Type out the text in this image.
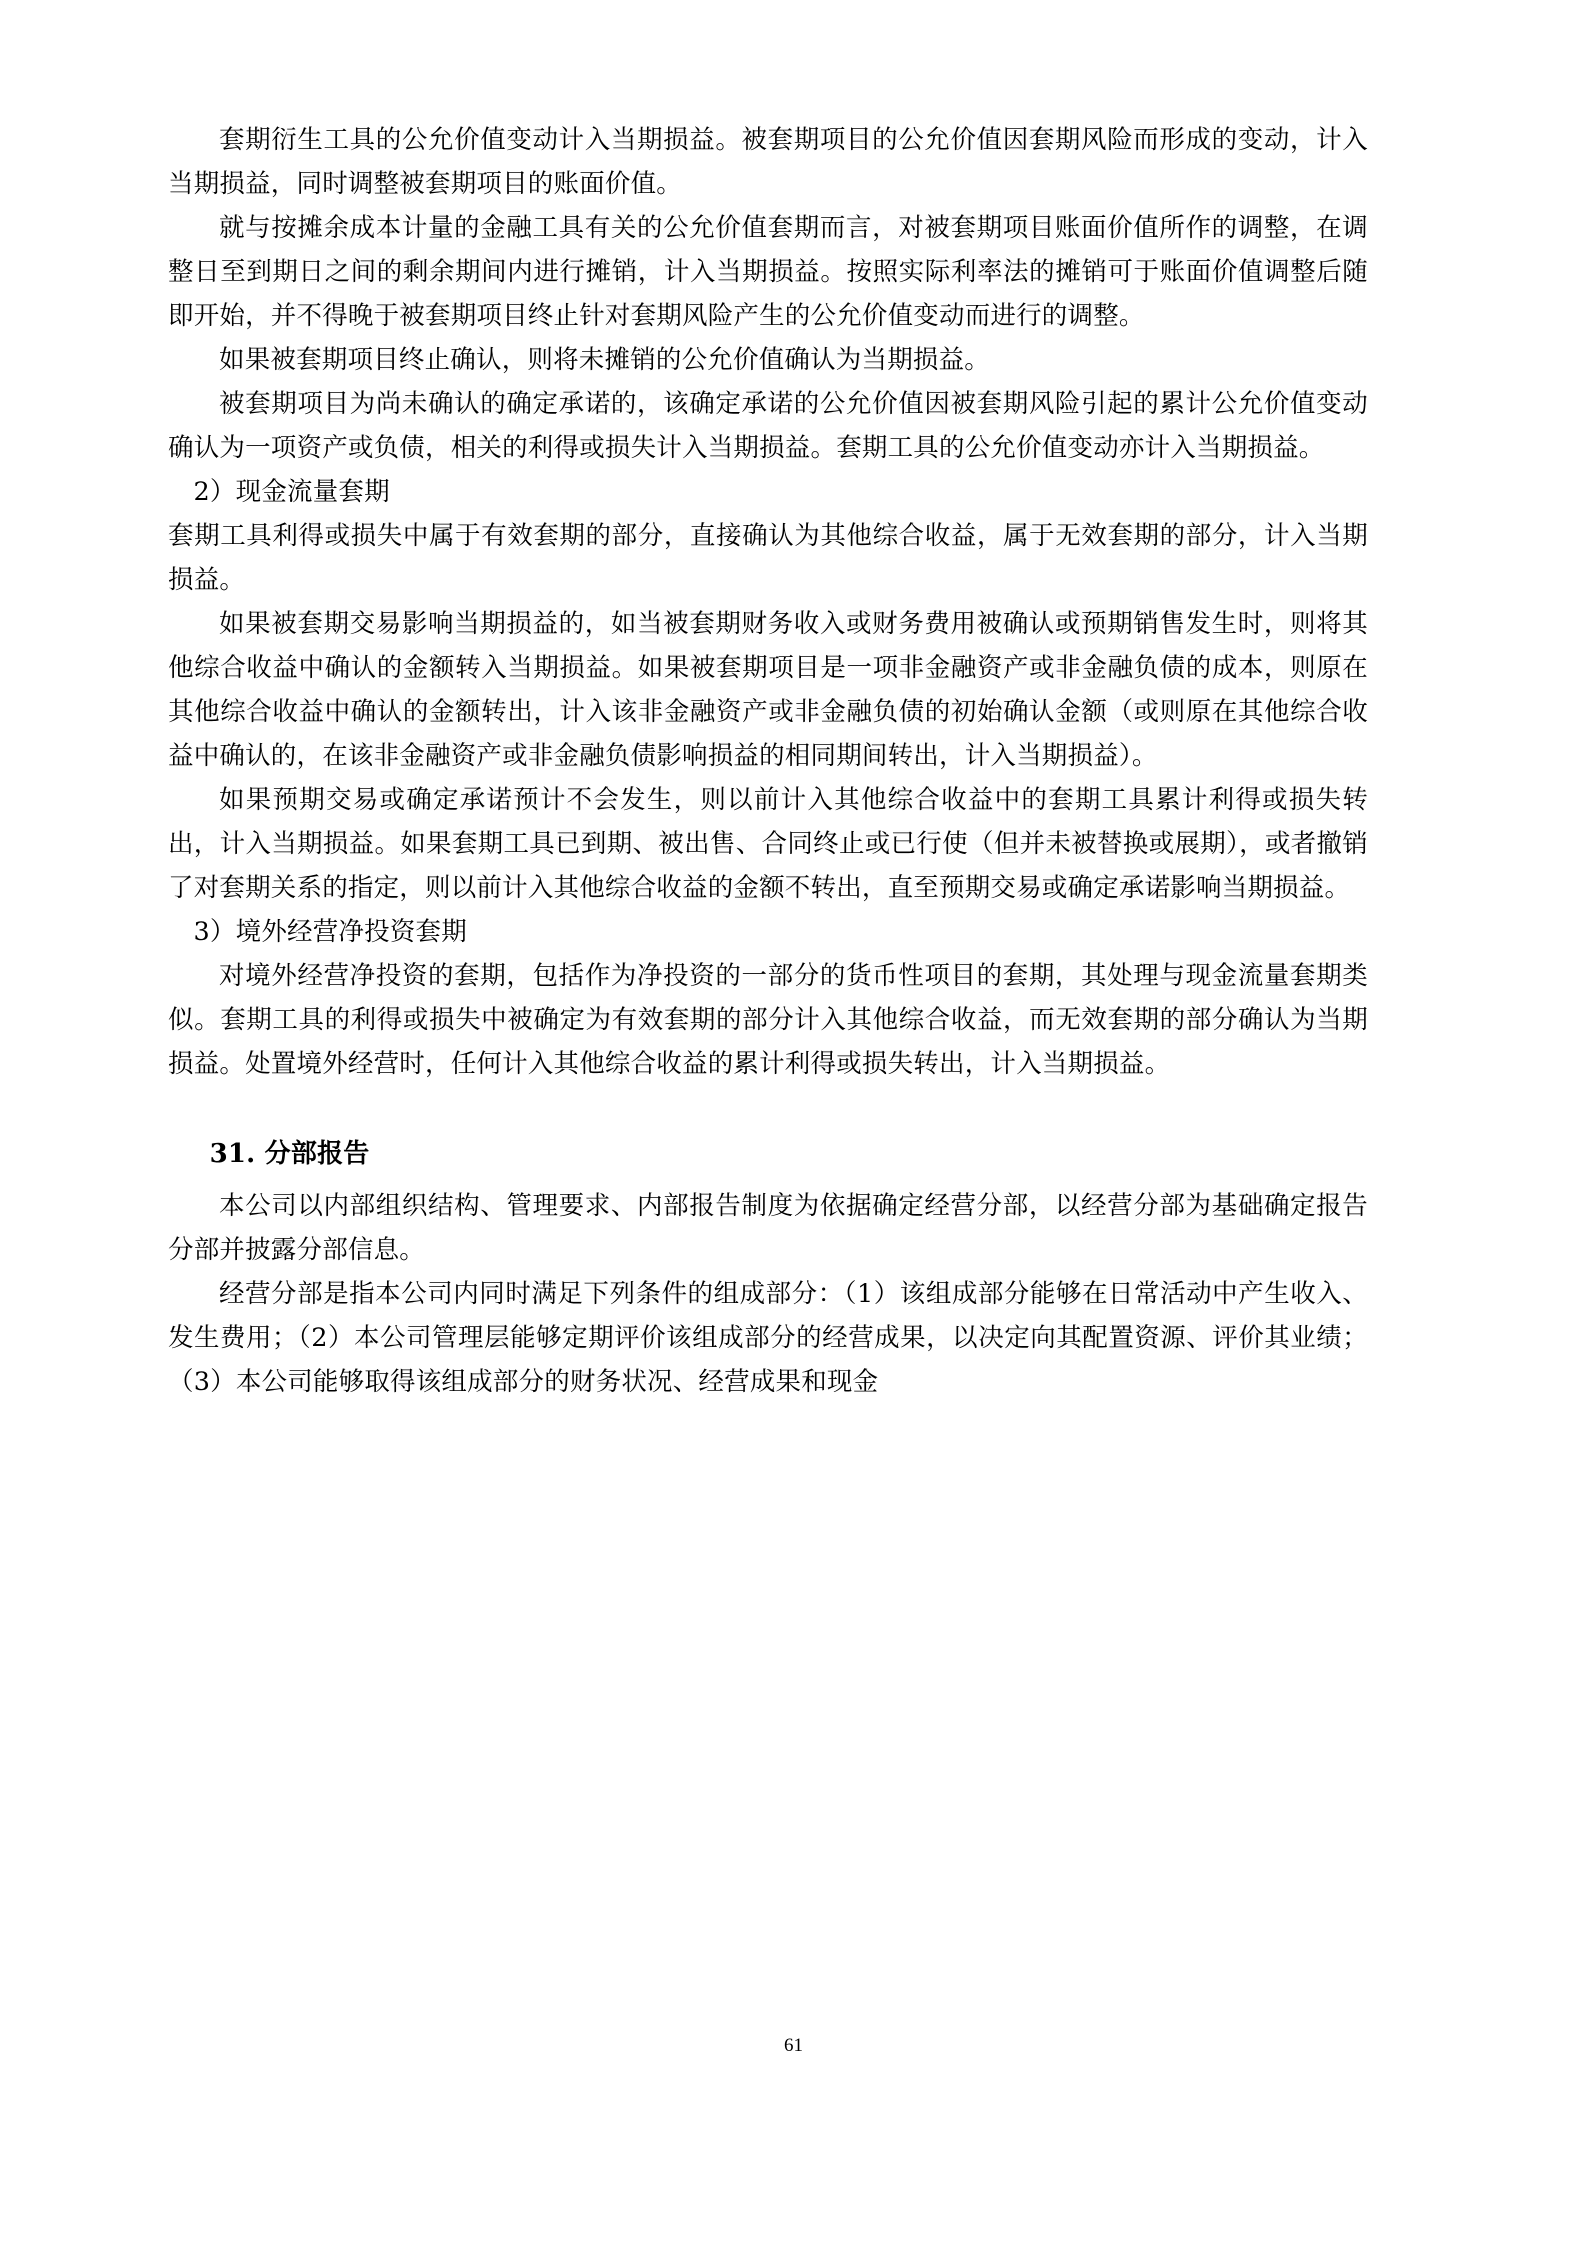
套期衍生工具的公允价值变动计入当期损益。被套期项目的公允价值因套期风险而形成的变动，计入当期损益，同时调整被套期项目的账面价值。

就与按摊余成本计量的金融工具有关的公允价值套期而言，对被套期项目账面价值所作的调整，在调整日至到期日之间的剩余期间内进行摊销，计入当期损益。按照实际利率法的摊销可于账面价值调整后随即开始，并不得晚于被套期项目终止针对套期风险产生的公允价值变动而进行的调整。

如果被套期项目终止确认，则将未摊销的公允价值确认为当期损益。

被套期项目为尚未确认的确定承诺的，该确定承诺的公允价值因被套期风险引起的累计公允价值变动确认为一项资产或负债，相关的利得或损失计入当期损益。套期工具的公允价值变动亦计入当期损益。

2）现金流量套期

套期工具利得或损失中属于有效套期的部分，直接确认为其他综合收益，属于无效套期的部分，计入当期损益。

如果被套期交易影响当期损益的，如当被套期财务收入或财务费用被确认或预期销售发生时，则将其他综合收益中确认的金额转入当期损益。如果被套期项目是一项非金融资产或非金融负债的成本，则原在其他综合收益中确认的金额转出，计入该非金融资产或非金融负债的初始确认金额（或则原在其他综合收益中确认的，在该非金融资产或非金融负债影响损益的相同期间转出，计入当期损益）。

如果预期交易或确定承诺预计不会发生，则以前计入其他综合收益中的套期工具累计利得或损失转出，计入当期损益。如果套期工具已到期、被出售、合同终止或已行使（但并未被替换或展期），或者撤销了对套期关系的指定，则以前计入其他综合收益的金额不转出，直至预期交易或确定承诺影响当期损益。

3）境外经营净投资套期

对境外经营净投资的套期，包括作为净投资的一部分的货币性项目的套期，其处理与现金流量套期类似。套期工具的利得或损失中被确定为有效套期的部分计入其他综合收益，而无效套期的部分确认为当期损益。处置境外经营时，任何计入其他综合收益的累计利得或损失转出，计入当期损益。

31. 分部报告

本公司以内部组织结构、管理要求、内部报告制度为依据确定经营分部，以经营分部为基础确定报告分部并披露分部信息。

经营分部是指本公司内同时满足下列条件的组成部分：（1）该组成部分能够在日常活动中产生收入、发生费用；（2）本公司管理层能够定期评价该组成部分的经营成果，以决定向其配置资源、评价其业绩；（3）本公司能够取得该组成部分的财务状况、经营成果和现金

61
